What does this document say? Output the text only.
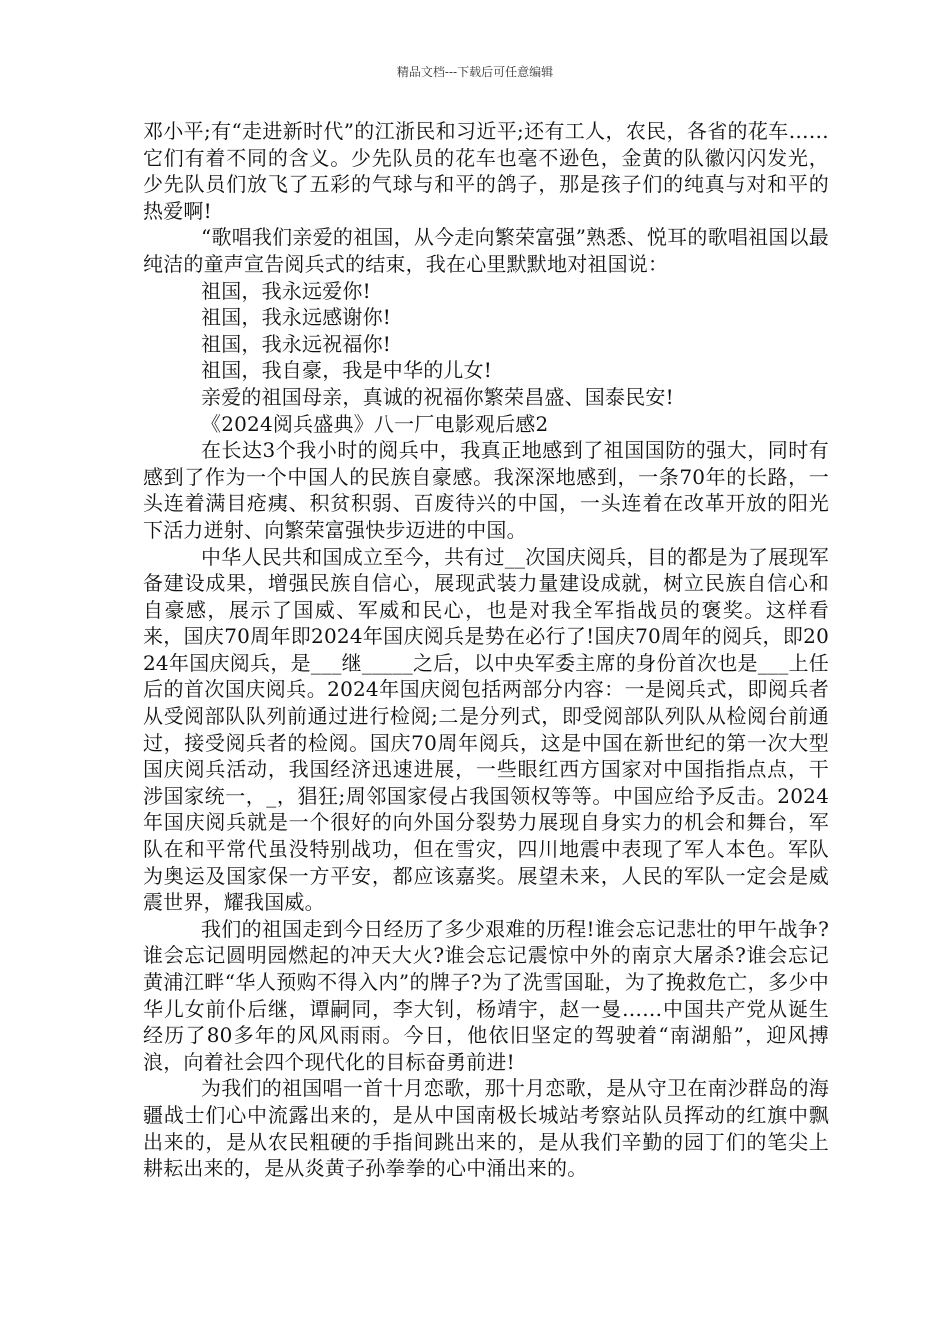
精品文档---下载后可任意编辑

邓小平;有“走进新时代”的江浙民和习近平;还有工人，农民，各省的花车……它们有着不同的含义。少先队员的花车也毫不逊色，金黄的队徽闪闪发光，少先队员们放飞了五彩的气球与和平的鸽子，那是孩子们的纯真与对和平的热爱啊!

“歌唱我们亲爱的祖国，从今走向繁荣富强”熟悉、悦耳的歌唱祖国以最纯洁的童声宣告阅兵式的结束，我在心里默默地对祖国说：

祖国，我永远爱你!

祖国，我永远感谢你!

祖国，我永远祝福你!

祖国，我自豪，我是中华的儿女!

亲爱的祖国母亲，真诚的祝福你繁荣昌盛、国泰民安!

《2024阅兵盛典》八一厂电影观后感2

在长达3个我小时的阅兵中，我真正地感到了祖国国防的强大，同时有感到了作为一个中国人的民族自豪感。我深深地感到，一条70年的长路，一头连着满目疮痍、积贫积弱、百废待兴的中国，一头连着在改革开放的阳光下活力迸射、向繁荣富强快步迈进的中国。

中华人民共和国成立至今，共有过__次国庆阅兵，目的都是为了展现军备建设成果，增强民族自信心，展现武装力量建设成就，树立民族自信心和自豪感，展示了国威、军威和民心，也是对我全军指战员的褒奖。这样看来，国庆70周年即2024年国庆阅兵是势在必行了!国庆70周年的阅兵，即2024年国庆阅兵，是___继_____之后，以中央军委主席的身份首次也是___上任后的首次国庆阅兵。2024年国庆阅包括两部分内容：一是阅兵式，即阅兵者从受阅部队队列前通过进行检阅;二是分列式，即受阅部队列队从检阅台前通过，接受阅兵者的检阅。国庆70周年阅兵，这是中国在新世纪的第一次大型国庆阅兵活动，我国经济迅速进展，一些眼红西方国家对中国指指点点，干涉国家统一，_，猖狂;周邻国家侵占我国领权等等。中国应给予反击。2024年国庆阅兵就是一个很好的向外国分裂势力展现自身实力的机会和舞台，军队在和平常代虽没特别战功，但在雪灾，四川地震中表现了军人本色。军队为奥运及国家保一方平安，都应该嘉奖。展望未来，人民的军队一定会是威震世界，耀我国威。

我们的祖国走到今日经历了多少艰难的历程!谁会忘记悲壮的甲午战争?谁会忘记圆明园燃起的冲天大火?谁会忘记震惊中外的南京大屠杀?谁会忘记黄浦江畔“华人预购不得入内”的牌子?为了洗雪国耻，为了挽救危亡，多少中华儿女前仆后继，谭嗣同，李大钊，杨靖宇，赵一曼……中国共产党从诞生经历了80多年的风风雨雨。今日，他依旧坚定的驾驶着“南湖船”，迎风搏浪，向着社会四个现代化的目标奋勇前进!

为我们的祖国唱一首十月恋歌，那十月恋歌，是从守卫在南沙群岛的海疆战士们心中流露出来的，是从中国南极长城站考察站队员挥动的红旗中飘出来的，是从农民粗硬的手指间跳出来的，是从我们辛勤的园丁们的笔尖上耕耘出来的，是从炎黄子孙拳拳的心中涌出来的。
